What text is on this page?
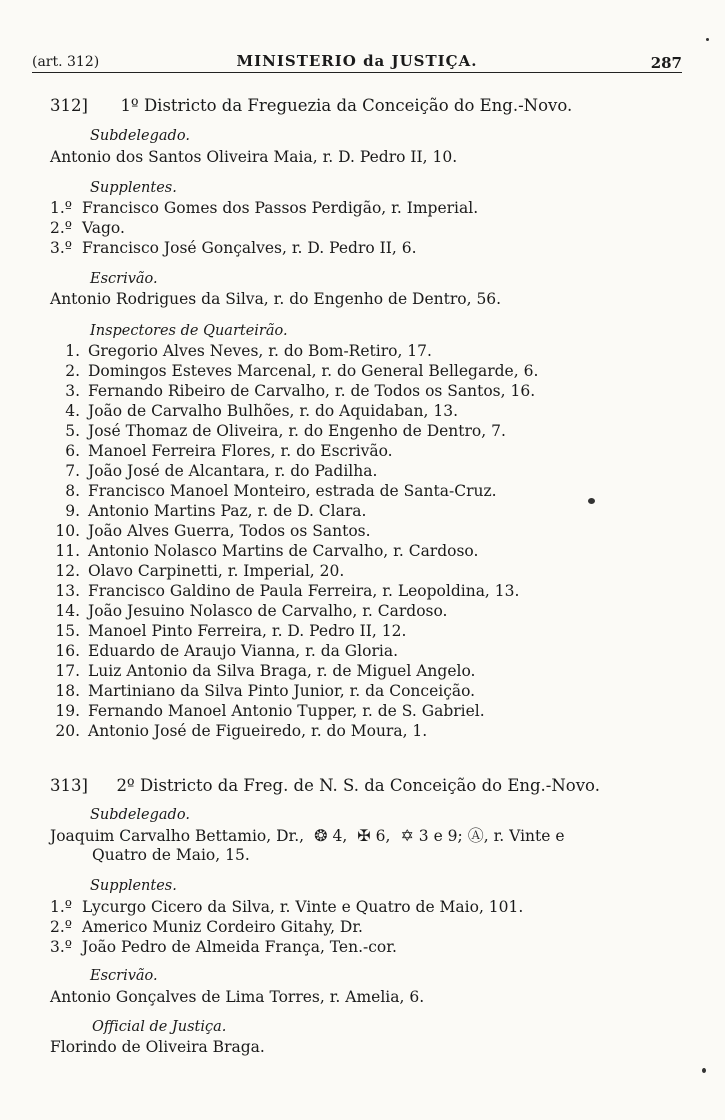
(art. 312)	MINISTERIO da JUSTIÇA.	287
312] 1º Districto da Freguezia da Conceição do Eng.-Novo.
Subdelegado.
Antonio dos Santos Oliveira Maia, r. D. Pedro II, 10.
Supplentes.
1.º Francisco Gomes dos Passos Perdigão, r. Imperial.
2.º Vago.
3.º Francisco José Gonçalves, r. D. Pedro II, 6.
Escrivão.
Antonio Rodrigues da Silva, r. do Engenho de Dentro, 56.
Inspectores de Quarteirão.
1. Gregorio Alves Neves, r. do Bom-Retiro, 17.
2. Domingos Esteves Marcenal, r. do General Bellegarde, 6.
3. Fernando Ribeiro de Carvalho, r. de Todos os Santos, 16.
4. João de Carvalho Bulhões, r. do Aquidaban, 13.
5. José Thomaz de Oliveira, r. do Engenho de Dentro, 7.
6. Manoel Ferreira Flores, r. do Escrivão.
7. João José de Alcantara, r. do Padilha.
8. Francisco Manoel Monteiro, estrada de Santa-Cruz.
9. Antonio Martins Paz, r. de D. Clara.
10. João Alves Guerra, Todos os Santos.
11. Antonio Nolasco Martins de Carvalho, r. Cardoso.
12. Olavo Carpinetti, r. Imperial, 20.
13. Francisco Galdino de Paula Ferreira, r. Leopoldina, 13.
14. João Jesuino Nolasco de Carvalho, r. Cardoso.
15. Manoel Pinto Ferreira, r. D. Pedro II, 12.
16. Eduardo de Araujo Vianna, r. da Gloria.
17. Luiz Antonio da Silva Braga, r. de Miguel Angelo.
18. Martiniano da Silva Pinto Junior, r. da Conceição.
19. Fernando Manoel Antonio Tupper, r. de S. Gabriel.
20. Antonio José de Figueiredo, r. do Moura, 1.
313] 2º Districto da Freg. de N. S. da Conceição do Eng.-Novo.
Subdelegado.
Joaquim Carvalho Bettamio, Dr.,  ❂ 4,  ✠ 6,  ✡ 3 e 9; Ⓐ, r. Vinte e
Quatro de Maio, 15.
Supplentes.
1.º Lycurgo Cicero da Silva, r. Vinte e Quatro de Maio, 101.
2.º Americo Muniz Cordeiro Gitahy, Dr.
3.º João Pedro de Almeida França, Ten.-cor.
Escrivão.
Antonio Gonçalves de Lima Torres, r. Amelia, 6.
Official de Justiça.
Florindo de Oliveira Braga.
